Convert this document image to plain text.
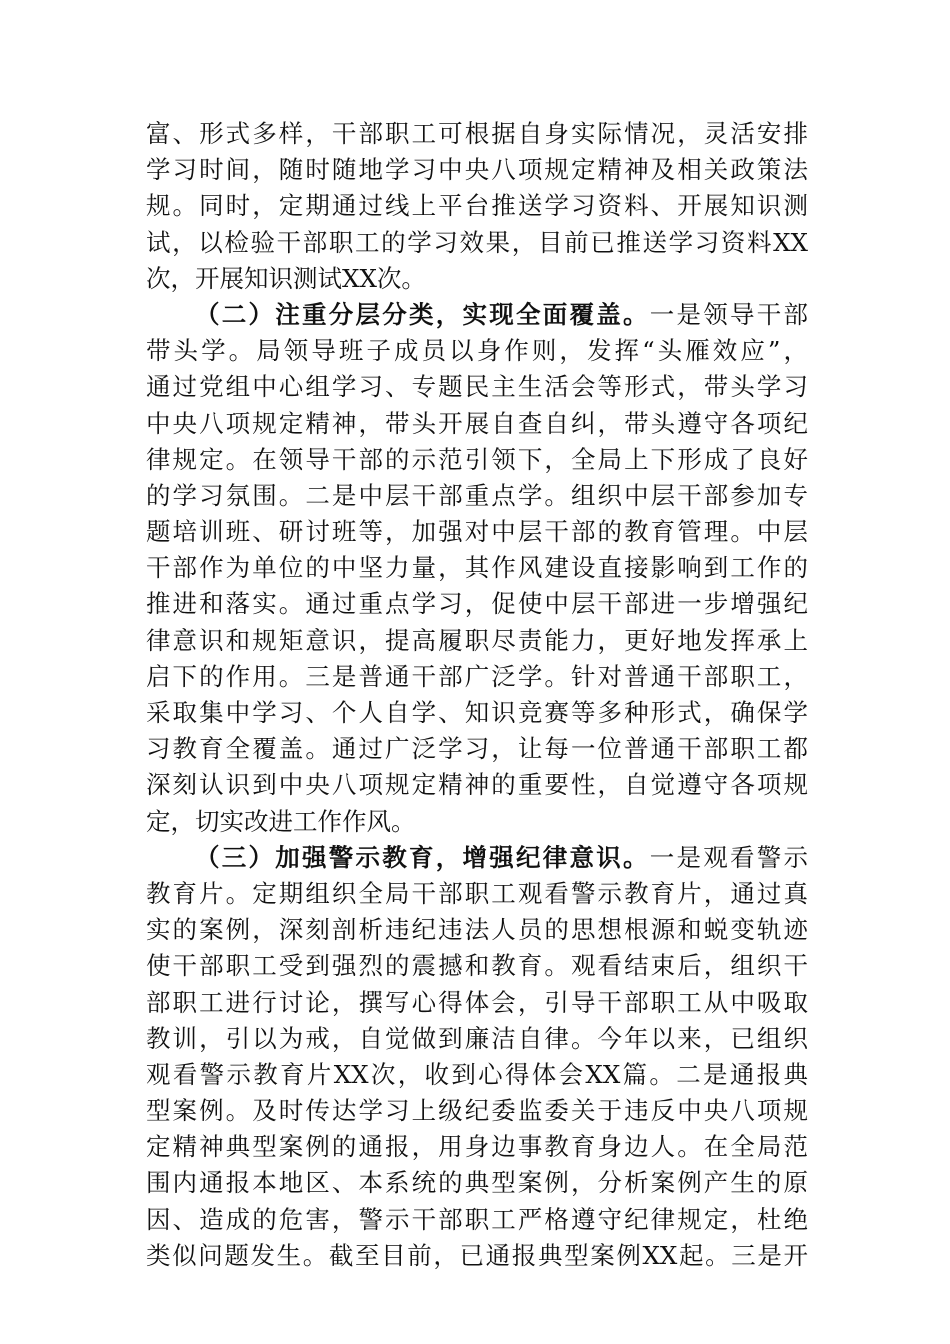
富、形式多样，干部职工可根据自身实际情况，灵活安排
学习时间，随时随地学习中央八项规定精神及相关政策法
规。同时，定期通过线上平台推送学习资料、开展知识测
试，以检验干部职工的学习效果，目前已推送学习资料XX
次，开展知识测试XX次。
（二）注重分层分类，实现全面覆盖。一是领导干部
带头学。局领导班子成员以身作则，发挥“头雁效应”，
通过党组中心组学习、专题民主生活会等形式，带头学习
中央八项规定精神，带头开展自查自纠，带头遵守各项纪
律规定。在领导干部的示范引领下，全局上下形成了良好
的学习氛围。二是中层干部重点学。组织中层干部参加专
题培训班、研讨班等，加强对中层干部的教育管理。中层
干部作为单位的中坚力量，其作风建设直接影响到工作的
推进和落实。通过重点学习，促使中层干部进一步增强纪
律意识和规矩意识，提高履职尽责能力，更好地发挥承上
启下的作用。三是普通干部广泛学。针对普通干部职工，
采取集中学习、个人自学、知识竞赛等多种形式，确保学
习教育全覆盖。通过广泛学习，让每一位普通干部职工都
深刻认识到中央八项规定精神的重要性，自觉遵守各项规
定，切实改进工作作风。
（三）加强警示教育，增强纪律意识。一是观看警示
教育片。定期组织全局干部职工观看警示教育片，通过真
实的案例，深刻剖析违纪违法人员的思想根源和蜕变轨迹
使干部职工受到强烈的震撼和教育。观看结束后，组织干
部职工进行讨论，撰写心得体会，引导干部职工从中吸取
教训，引以为戒，自觉做到廉洁自律。今年以来，已组织
观看警示教育片XX次，收到心得体会XX篇。二是通报典
型案例。及时传达学习上级纪委监委关于违反中央八项规
定精神典型案例的通报，用身边事教育身边人。在全局范
围内通报本地区、本系统的典型案例，分析案例产生的原
因、造成的危害，警示干部职工严格遵守纪律规定，杜绝
类似问题发生。截至目前，已通报典型案例XX起。三是开
